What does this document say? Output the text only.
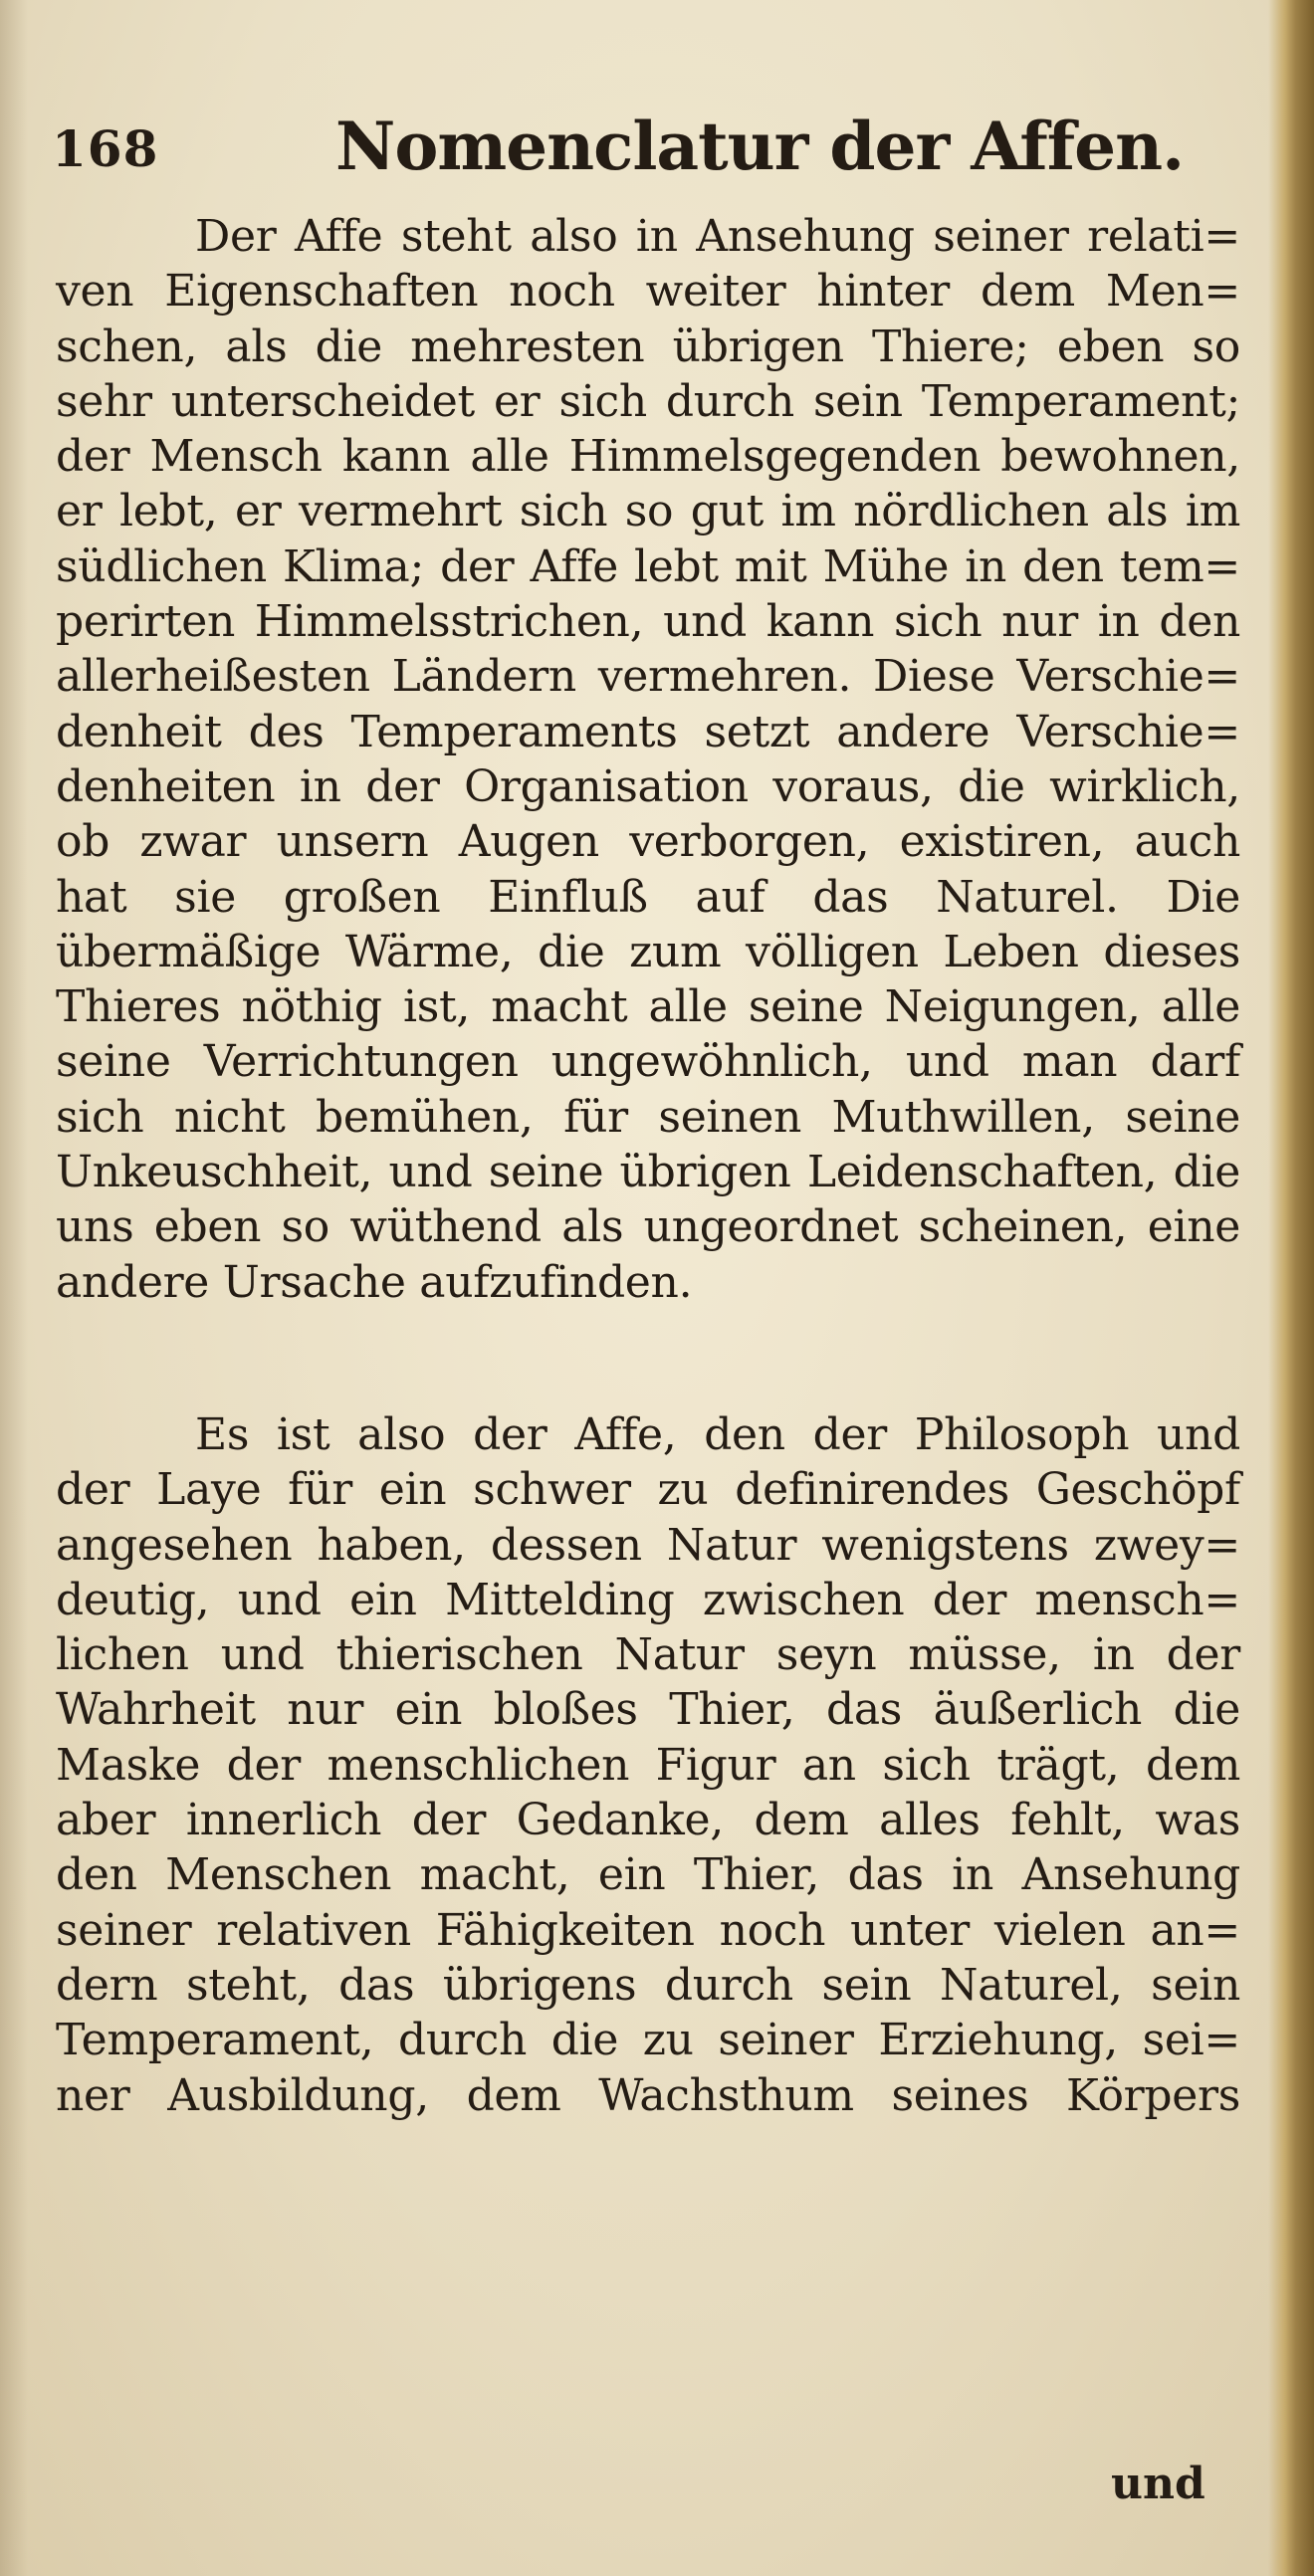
168	Nomenclatur der Affen.
Der Affe steht also in Ansehung seiner relati=
ven Eigenschaften noch weiter hinter dem Men=
schen, als die mehresten übrigen Thiere; eben so
sehr unterscheidet er sich durch sein Temperament;
der Mensch kann alle Himmelsgegenden bewohnen,
er lebt, er vermehrt sich so gut im nördlichen als im
südlichen Klima; der Affe lebt mit Mühe in den tem=
perirten Himmelsstrichen, und kann sich nur in den
allerheißesten Ländern vermehren. Diese Verschie=
denheit des Temperaments setzt andere Verschie=
denheiten in der Organisation voraus, die wirklich,
ob zwar unsern Augen verborgen, existiren, auch
hat sie großen Einfluß auf das Naturel. Die
übermäßige Wärme, die zum völligen Leben dieses
Thieres nöthig ist, macht alle seine Neigungen, alle
seine Verrichtungen ungewöhnlich, und man darf
sich nicht bemühen, für seinen Muthwillen, seine
Unkeuschheit, und seine übrigen Leidenschaften, die
uns eben so wüthend als ungeordnet scheinen, eine
andere Ursache aufzufinden.
Es ist also der Affe, den der Philosoph und
der Laye für ein schwer zu definirendes Geschöpf
angesehen haben, dessen Natur wenigstens zwey=
deutig, und ein Mittelding zwischen der mensch=
lichen und thierischen Natur seyn müsse, in der
Wahrheit nur ein bloßes Thier, das äußerlich die
Maske der menschlichen Figur an sich trägt, dem
aber innerlich der Gedanke, dem alles fehlt, was
den Menschen macht, ein Thier, das in Ansehung
seiner relativen Fähigkeiten noch unter vielen an=
dern steht, das übrigens durch sein Naturel, sein
Temperament, durch die zu seiner Erziehung, sei=
ner Ausbildung, dem Wachsthum seines Körpers
und
